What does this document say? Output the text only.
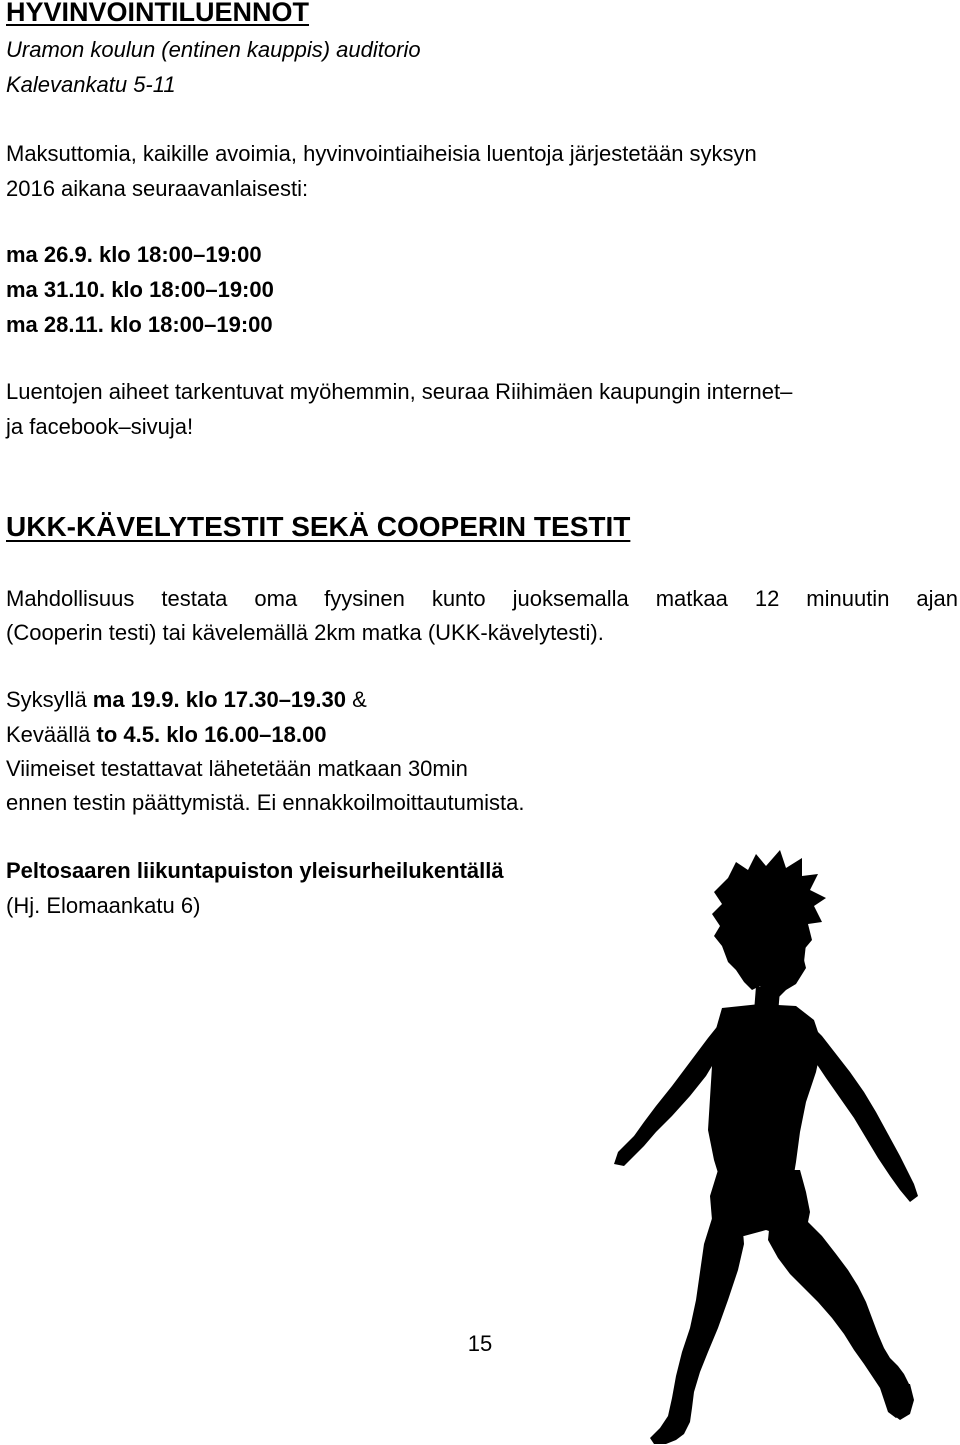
HYVINVOINTILUENNOT
Uramon koulun (entinen kauppis) auditorio
Kalevankatu 5-11
Maksuttomia, kaikille avoimia, hyvinvointiaiheisia luentoja järjestetään syksyn
2016 aikana seuraavanlaisesti:
ma 26.9. klo 18:00–19:00
ma 31.10. klo 18:00–19:00
ma 28.11. klo 18:00–19:00
Luentojen aiheet tarkentuvat myöhemmin, seuraa Riihimäen kaupungin internet–
ja facebook–sivuja!
UKK-KÄVELYTESTIT SEKÄ COOPERIN TESTIT
Mahdollisuus testata oma fyysinen kunto juoksemalla matkaa 12 minuutin ajan
(Cooperin testi) tai kävelemällä 2km matka (UKK-kävelytesti).
Syksyllä ma 19.9. klo 17.30–19.30 &
Keväällä to 4.5. klo 16.00–18.00
Viimeiset testattavat lähetetään matkaan 30min
ennen testin päättymistä. Ei ennakkoilmoittautumista.
Peltosaaren liikuntapuiston yleisurheilukentällä
(Hj. Elomaankatu 6)
15
